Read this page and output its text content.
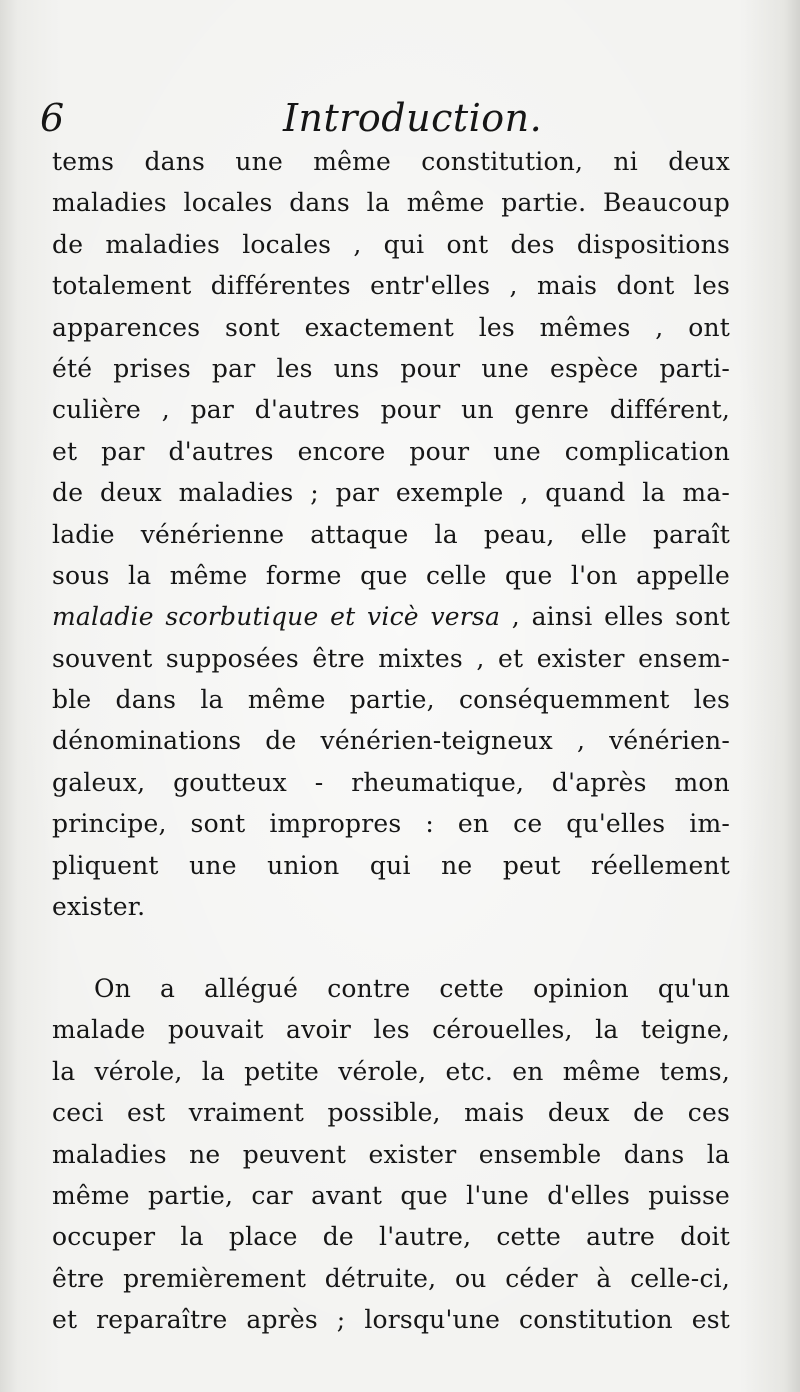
6	Introduction.
tems dans une même constitution, ni deux
maladies locales dans la même partie. Beaucoup
de maladies locales , qui ont des dispositions
totalement différentes entr'elles , mais dont les
apparences sont exactement les mêmes , ont
été prises par les uns pour une espèce parti-
culière , par d'autres pour un genre différent,
et par d'autres encore pour une complication
de deux maladies ; par exemple , quand la ma-
ladie vénérienne attaque la peau, elle paraît
sous la même forme que celle que l'on appelle
maladie scorbutique et vicè versa , ainsi elles sont
souvent supposées être mixtes , et exister ensem-
ble dans la même partie, conséquemment les
dénominations de vénérien-teigneux , vénérien-
galeux, goutteux - rheumatique, d'après mon
principe, sont impropres : en ce qu'elles im-
pliquent une union qui ne peut réellement
exister.
On a allégué contre cette opinion qu'un
malade pouvait avoir les cérouelles, la teigne,
la vérole, la petite vérole, etc. en même tems,
ceci est vraiment possible, mais deux de ces
maladies ne peuvent exister ensemble dans la
même partie, car avant que l'une d'elles puisse
occuper la place de l'autre, cette autre doit
être premièrement détruite, ou céder à celle-ci,
et reparaître après ; lorsqu'une constitution est
